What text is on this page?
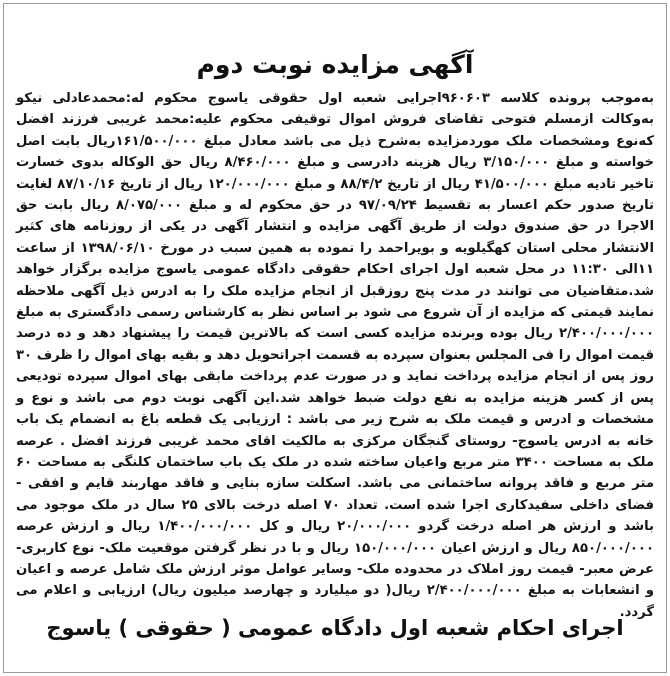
آگهی مزایده نوبت دوم
به‌موجب پرونده کلاسه ۹۶۰۶۰۳اجرایی شعبه اول حقوقی یاسوج محکوم له:محمدعادلی نیکو به‌وکالت ازمسلم فتوحی تقاضای فروش اموال توقیفی محکوم علیه:محمد غریبی فرزند افضل که‌نوع ومشخصات ملک موردمزایده به‌شرح ذیل می باشد معادل مبلغ ۱۶۱/۵۰۰/۰۰۰ریال بابت اصل خواسته و مبلغ ۳/۱۵۰/۰۰۰ ریال هزینه دادرسی و مبلغ ۸/۴۶۰/۰۰۰ ریال حق الوکاله بدوی خسارت تاخیر تادیه مبلغ ۴۱/۵۰۰/۰۰۰ ریال از تاریخ ۸۸/۴/۲ و مبلغ ۱۲۰/۰۰۰/۰۰۰ ریال از تاریخ ۸۷/۱۰/۱۶ لغایت تاریخ صدور حکم اعسار به تقسیط ۹۷/۰۹/۲۴ در حق محکوم له و مبلغ ۸/۰۷۵/۰۰۰ ریال بابت حق الاجرا در حق صندوق دولت از طریق آگهی مزایده و انتشار آگهی در یکی از روزنامه های کثیر الانتشار محلی استان کهگیلویه و بویراحمد را نموده به همین سبب در مورخ ۱۳۹۸/۰۶/۱۰ از ساعت ۱۱الی ۱۱:۳۰ در محل شعبه اول اجرای احکام حقوقی دادگاه عمومی یاسوج مزایده برگزار خواهد شد.متقاضیان می توانند در مدت پنج روزقبل از انجام مزایده ملک را به ادرس ذیل آگهی ملاحظه نمایند قیمتی که مزایده از آن شروع می شود بر اساس نظر به کارشناس رسمی دادگستری به مبلغ ۲/۴۰۰/۰۰۰/۰۰۰ ریال بوده وبرنده مزایده کسی است که بالاترین قیمت را پیشنهاد دهد و ده درصد قیمت اموال را فی المجلس بعنوان سپرده به قسمت اجراتحویل دهد و بقیه بهای اموال را ظرف ۳۰ روز پس از انجام مزایده پرداخت نماید و در صورت عدم پرداخت مابقی بهای اموال سپرده تودیعی پس از کسر هزینه مزایده به نفع دولت ضبط خواهد شد.این آگهی نوبت دوم می باشد و نوع و مشخصات و ادرس و قیمت ملک به شرح زیر می باشد : ارزیابی یک قطعه باغ به انضمام یک باب خانه به ادرس یاسوج- روستای گنجگان مرکزی به مالکیت اقای محمد غریبی فرزند افضل . عرصه ملک به مساحت ۳۴۰۰ متر مربع واعیان ساخته شده در ملک یک باب ساختمان کلنگی به مساحت ۶۰ متر مربع و فاقد پروانه ساختمانی می باشد. اسکلت سازه بنایی و فاقد مهاربند قایم و افقی - فضای داخلی سفیدکاری اجرا شده است. تعداد ۷۰ اصله درخت بالای ۲۵ سال در ملک موجود می باشد و ارزش هر اصله درخت گردو ۲۰/۰۰۰/۰۰۰ ریال و کل ۱/۴۰۰/۰۰۰/۰۰۰ ریال و ارزش عرصه ۸۵۰/۰۰۰/۰۰۰ ریال و ارزش اعیان ۱۵۰/۰۰۰/۰۰۰ ریال و با در نظر گرفتن موقعیت ملک- نوع کاربری- عرض معبر- قیمت روز املاک در محدوده ملک- وسایر عوامل موثر ارزش ملک شامل عرصه و اعیان و انشعابات به مبلغ ۲/۴۰۰/۰۰۰/۰۰۰ ریال( دو میلیارد و چهارصد میلیون ریال) ارزیابی و اعلام می گردد.
اجرای احکام شعبه اول دادگاه عمومی ( حقوقی ) یاسوج
